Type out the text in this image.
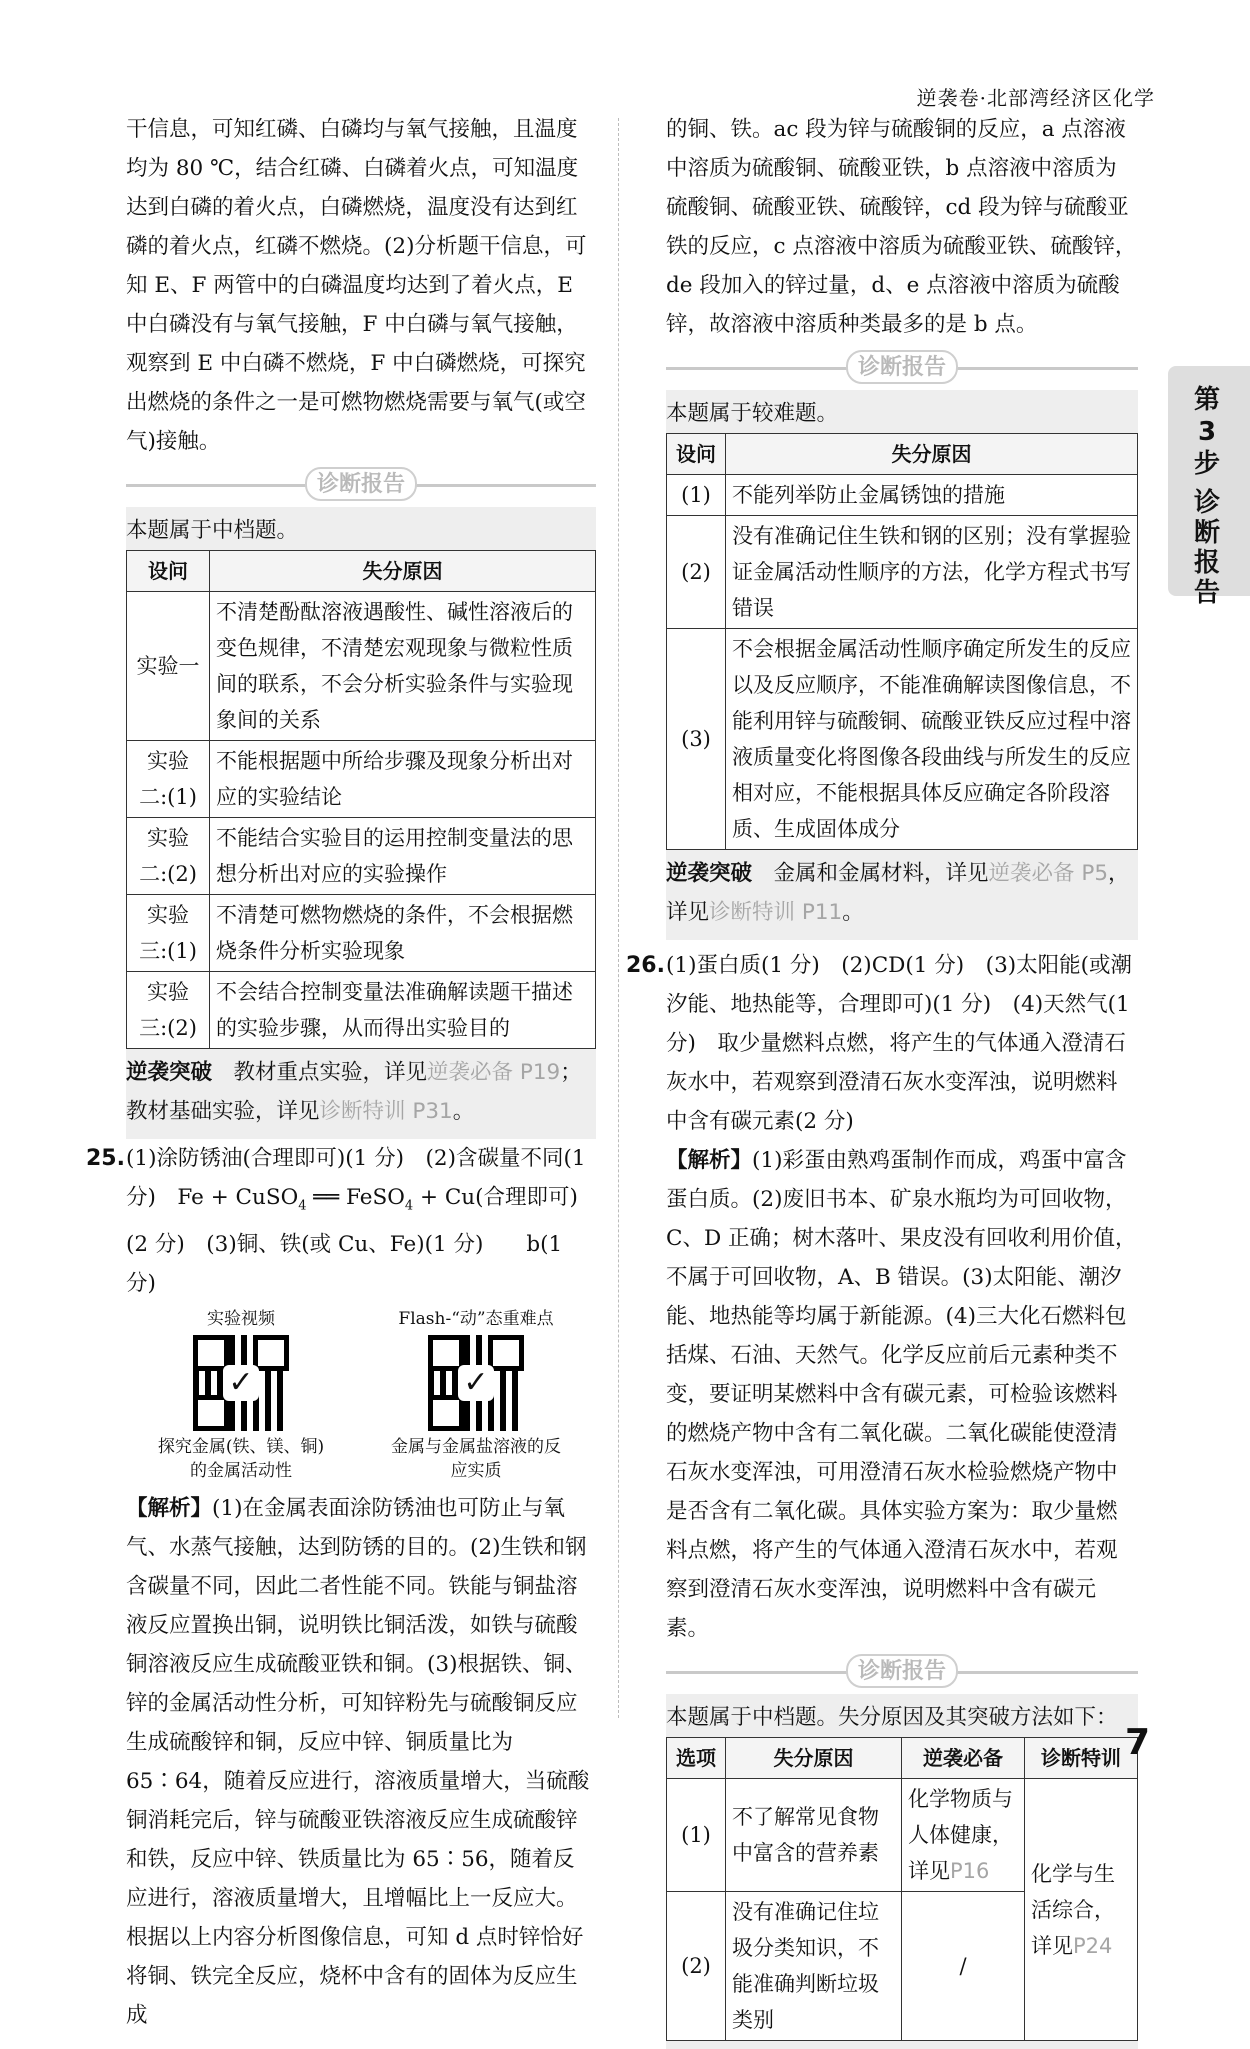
逆袭卷·北部湾经济区化学

干信息，可知红磷、白磷均与氧气接触，且温度均为 80 ℃，结合红磷、白磷着火点，可知温度达到白磷的着火点，白磷燃烧，温度没有达到红磷的着火点，红磷不燃烧。(2)分析题干信息，可知 E、F 两管中的白磷温度均达到了着火点，E 中白磷没有与氧气接触，F 中白磷与氧气接触，观察到 E 中白磷不燃烧，F 中白磷燃烧，可探究出燃烧的条件之一是可燃物燃烧需要与氧气(或空气)接触。

诊断报告

本题属于中档题。

设问	失分原因
实验一	不清楚酚酞溶液遇酸性、碱性溶液后的变色规律，不清楚宏观现象与微粒性质间的联系，不会分析实验条件与实验现象间的关系
实验二:(1)	不能根据题中所给步骤及现象分析出对应的实验结论
实验二:(2)	不能结合实验目的运用控制变量法的思想分析出对应的实验操作
实验三:(1)	不清楚可燃物燃烧的条件，不会根据燃烧条件分析实验现象
实验三:(2)	不会结合控制变量法准确解读题干描述的实验步骤，从而得出实验目的

逆袭突破　 教材重点实验，详见逆袭必备 P19；教材基础实验，详见诊断特训 P31。

25. (1)涂防锈油(合理即可)(1 分)　(2)含碳量不同(1 分)　Fe + CuSO$_4$ ══ FeSO$_4$ + Cu(合理即可)(2 分)　(3)铜、铁(或 Cu、Fe)(1 分)　　b(1 分)

实验视频
✓
探究金属(铁、镁、铜)的金属活动性
Flash-“动”态重难点
✓
金属与金属盐溶液的反应实质

【解析】(1)在金属表面涂防锈油也可防止与氧气、水蒸气接触，达到防锈的目的。(2)生铁和钢含碳量不同，因此二者性能不同。铁能与铜盐溶液反应置换出铜，说明铁比铜活泼，如铁与硫酸铜溶液反应生成硫酸亚铁和铜。(3)根据铁、铜、锌的金属活动性分析，可知锌粉先与硫酸铜反应生成硫酸锌和铜，反应中锌、铜质量比为 65∶64，随着反应进行，溶液质量增大，当硫酸铜消耗完后，锌与硫酸亚铁溶液反应生成硫酸锌和铁，反应中锌、铁质量比为 65∶56，随着反应进行，溶液质量增大，且增幅比上一反应大。根据以上内容分析图像信息，可知 d 点时锌恰好将铜、铁完全反应，烧杯中含有的固体为反应生成

的铜、铁。ac 段为锌与硫酸铜的反应，a 点溶液中溶质为硫酸铜、硫酸亚铁，b 点溶液中溶质为硫酸铜、硫酸亚铁、硫酸锌，cd 段为锌与硫酸亚铁的反应，c 点溶液中溶质为硫酸亚铁、硫酸锌，de 段加入的锌过量，d、e 点溶液中溶质为硫酸锌，故溶液中溶质种类最多的是 b 点。

诊断报告

本题属于较难题。

设问	失分原因
(1)	不能列举防止金属锈蚀的措施
(2)	没有准确记住生铁和钢的区别；没有掌握验证金属活动性顺序的方法，化学方程式书写错误
(3)	不会根据金属活动性顺序确定所发生的反应以及反应顺序，不能准确解读图像信息，不能利用锌与硫酸铜、硫酸亚铁反应过程中溶液质量变化将图像各段曲线与所发生的反应相对应，不能根据具体反应确定各阶段溶质、生成固体成分

逆袭突破　 金属和金属材料，详见逆袭必备 P5，详见诊断特训 P11。

26. (1)蛋白质(1 分)　(2)CD(1 分)　(3)太阳能(或潮汐能、地热能等，合理即可)(1 分)　(4)天然气(1 分)　取少量燃料点燃，将产生的气体通入澄清石灰水中，若观察到澄清石灰水变浑浊，说明燃料中含有碳元素(2 分)

【解析】(1)彩蛋由熟鸡蛋制作而成，鸡蛋中富含蛋白质。(2)废旧书本、矿泉水瓶均为可回收物，C、D 正确；树木落叶、果皮没有回收利用价值，不属于可回收物，A、B 错误。(3)太阳能、潮汐能、地热能等均属于新能源。(4)三大化石燃料包括煤、石油、天然气。化学反应前后元素种类不变，要证明某燃料中含有碳元素，可检验该燃料的燃烧产物中含有二氧化碳。二氧化碳能使澄清石灰水变浑浊，可用澄清石灰水检验燃烧产物中是否含有二氧化碳。具体实验方案为：取少量燃料点燃，将产生的气体通入澄清石灰水中，若观察到澄清石灰水变浑浊，说明燃料中含有碳元素。

诊断报告

本题属于中档题。失分原因及其突破方法如下：

选项	失分原因	逆袭必备	诊断特训
(1)	不了解常见食物中富含的营养素	化学物质与人体健康，详见P16	化学与生活综合，详见P24
(2)	没有准确记住垃圾分类知识，不能准确判断垃圾类别	/	
第3步
诊断报告
7
